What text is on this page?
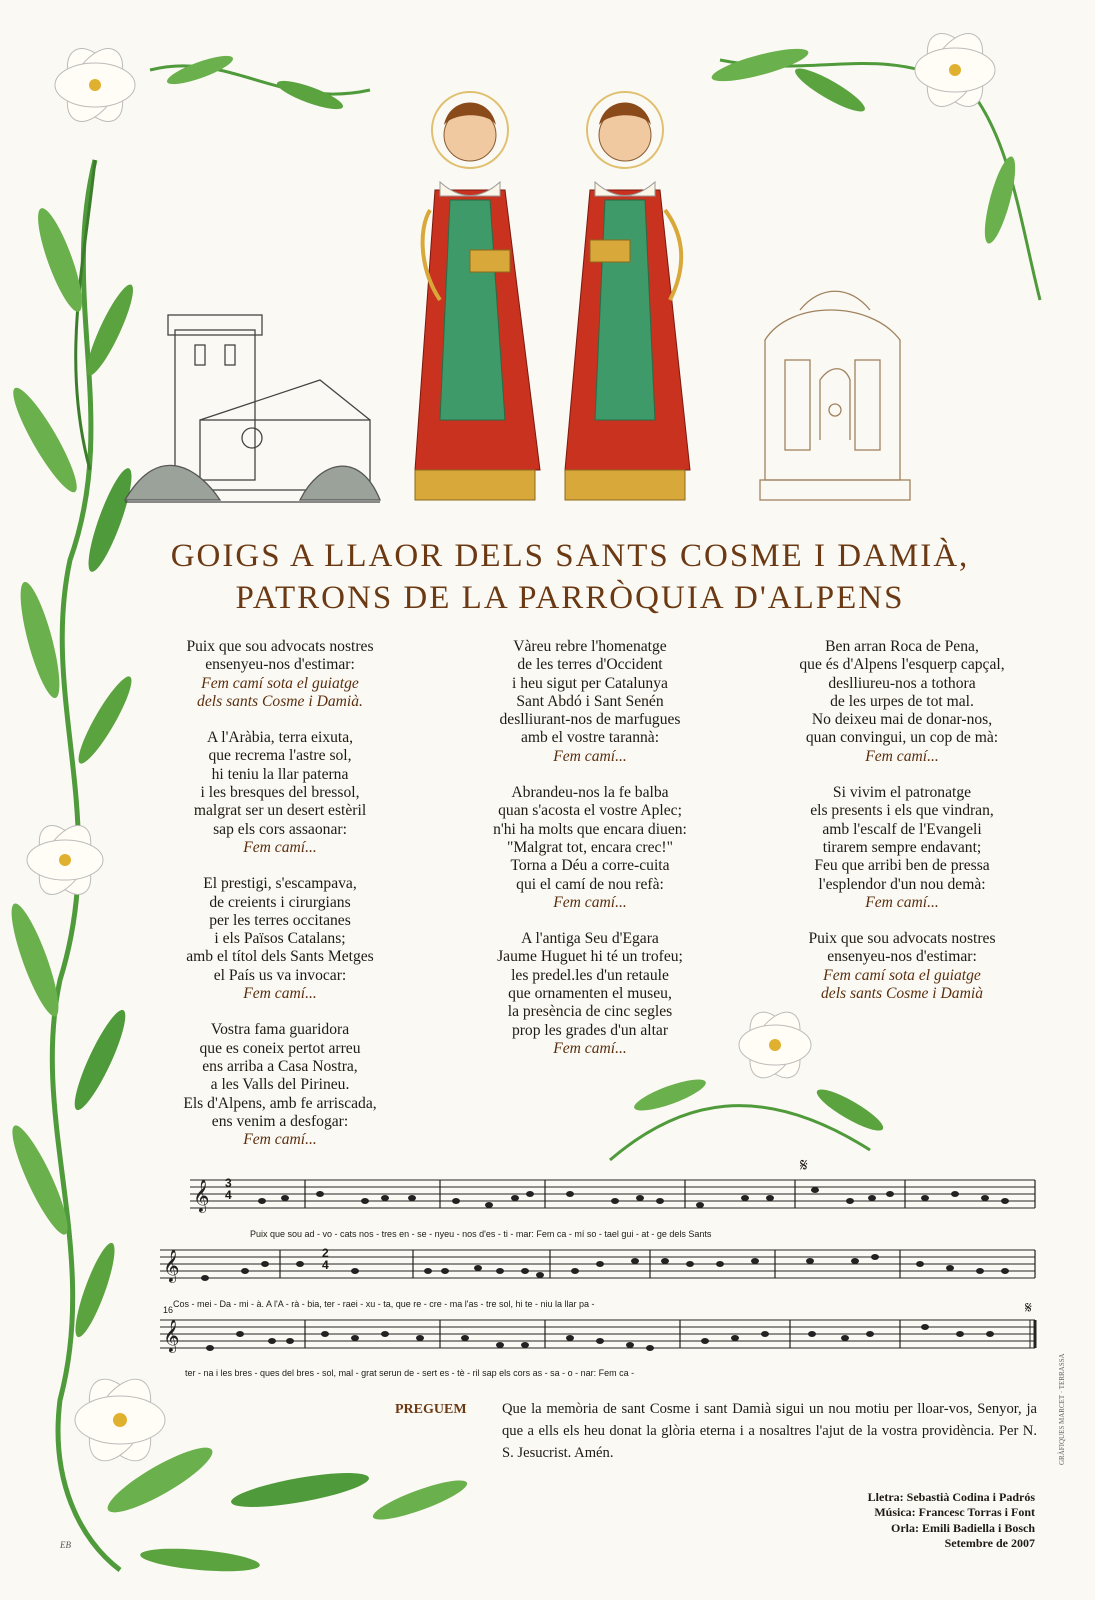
𝄞
𝄞
𝄞
3
4
2
4
16
𝄋
𝄋
Puix que sou ad - vo - cats nos - tres en - se - nyeu - nos d'es - ti - mar: Fem ca - mí so - tael gui - at - ge dels Sants
Cos - mei - Da - mi - à. A l'A - rà - bia, ter - raei - xu - ta, que re - cre - ma l'as - tre sol, hi te - niu la llar pa -
ter - na i les bres - ques del bres - sol, mal - grat serun de - sert es - tè - ril sap els cors as - sa - o - nar: Fem ca -
GOIGS A LLAOR DELS SANTS COSME I DAMIÀ,
PATRONS DE LA PARRÒQUIA D'ALPENS
Puix que sou advocats nostres
ensenyeu-nos d'estimar:
Fem camí sota el guiatge
dels sants Cosme i Damià.
A l'Aràbia, terra eixuta,
que recrema l'astre sol,
hi teniu la llar paterna
i les bresques del bressol,
malgrat ser un desert estèril
sap els cors assaonar:
Fem camí...
El prestigi, s'escampava,
de creients i cirurgians
per les terres occitanes
i els Països Catalans;
amb el títol dels Sants Metges
el País us va invocar:
Fem camí...
Vostra fama guaridora
que es coneix pertot arreu
ens arriba a Casa Nostra,
a les Valls del Pirineu.
Els d'Alpens, amb fe arriscada,
ens venim a desfogar:
Fem camí...
Vàreu rebre l'homenatge
de les terres d'Occident
i heu sigut per Catalunya
Sant Abdó i Sant Senén
deslliurant-nos de marfugues
amb el vostre tarannà:
Fem camí...
Abrandeu-nos la fe balba
quan s'acosta el vostre Aplec;
n'hi ha molts que encara diuen:
"Malgrat tot, encara crec!"
Torna a Déu a corre-cuita
qui el camí de nou refà:
Fem camí...
A l'antiga Seu d'Egara
Jaume Huguet hi té un trofeu;
les predel.les d'un retaule
que ornamenten el museu,
la presència de cinc segles
prop les grades d'un altar
Fem camí...
Ben arran Roca de Pena,
que és d'Alpens l'esquerp capçal,
deslliureu-nos a tothora
de les urpes de tot mal.
No deixeu mai de donar-nos,
quan convingui, un cop de mà:
Fem camí...
Si vivim el patronatge
els presents i els que vindran,
amb l'escalf de l'Evangeli
tirarem sempre endavant;
Feu que arribi ben de pressa
l'esplendor d'un nou demà:
Fem camí...
Puix que sou advocats nostres
ensenyeu-nos d'estimar:
Fem camí sota el guiatge
dels sants Cosme i Damià
PREGUEM Que la memòria de sant Cosme i sant Damià sigui un nou motiu per lloar-vos, Senyor, ja que a ells els heu donat la glòria eterna i a nosaltres l'ajut de la vostra providència. Per N. S. Jesucrist. Amén.
Lletra: Sebastià Codina i Padrós
Música: Francesc Torras i Font
Orla: Emili Badiella i Bosch
Setembre de 2007
GRÀFIQUES MARCET · TERRASSA
EB
